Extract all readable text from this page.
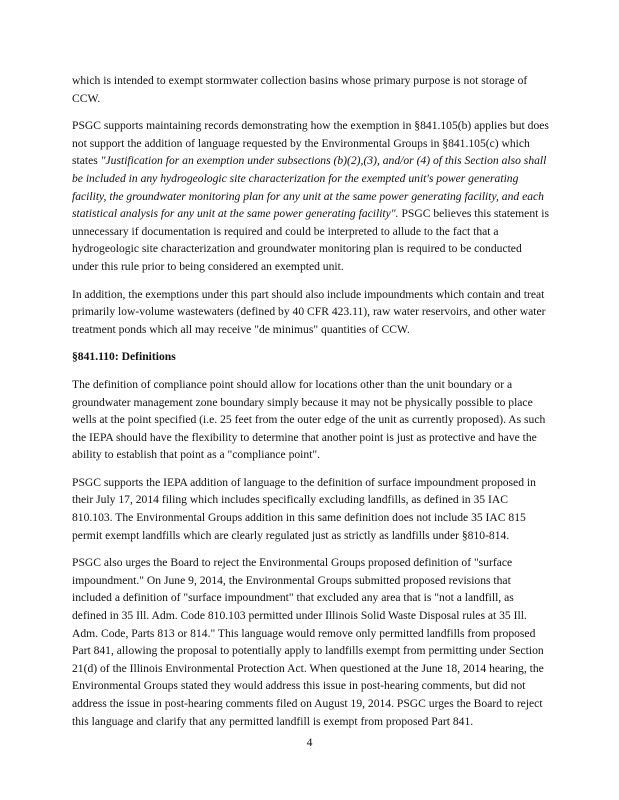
which is intended to exempt stormwater collection basins whose primary purpose is not storage of CCW.

PSGC supports maintaining records demonstrating how the exemption in §841.105(b) applies but does not support the addition of language requested by the Environmental Groups in §841.105(c) which states "Justification for an exemption under subsections (b)(2),(3), and/or (4) of this Section also shall be included in any hydrogeologic site characterization for the exempted unit's power generating facility, the groundwater monitoring plan for any unit at the same power generating facility, and each statistical analysis for any unit at the same power generating facility". PSGC believes this statement is unnecessary if documentation is required and could be interpreted to allude to the fact that a hydrogeologic site characterization and groundwater monitoring plan is required to be conducted under this rule prior to being considered an exempted unit.

In addition, the exemptions under this part should also include impoundments which contain and treat primarily low-volume wastewaters (defined by 40 CFR 423.11), raw water reservoirs, and other water treatment ponds which all may receive "de minimus" quantities of CCW.

§841.110: Definitions

The definition of compliance point should allow for locations other than the unit boundary or a groundwater management zone boundary simply because it may not be physically possible to place wells at the point specified (i.e. 25 feet from the outer edge of the unit as currently proposed). As such the IEPA should have the flexibility to determine that another point is just as protective and have the ability to establish that point as a "compliance point".

PSGC supports the IEPA addition of language to the definition of surface impoundment proposed in their July 17, 2014 filing which includes specifically excluding landfills, as defined in 35 IAC 810.103. The Environmental Groups addition in this same definition does not include 35 IAC 815 permit exempt landfills which are clearly regulated just as strictly as landfills under §810-814.

PSGC also urges the Board to reject the Environmental Groups proposed definition of "surface impoundment." On June 9, 2014, the Environmental Groups submitted proposed revisions that included a definition of "surface impoundment" that excluded any area that is "not a landfill, as defined in 35 Ill. Adm. Code 810.103 permitted under Illinois Solid Waste Disposal rules at 35 Ill. Adm. Code, Parts 813 or 814." This language would remove only permitted landfills from proposed Part 841, allowing the proposal to potentially apply to landfills exempt from permitting under Section 21(d) of the Illinois Environmental Protection Act. When questioned at the June 18, 2014 hearing, the Environmental Groups stated they would address this issue in post-hearing comments, but did not address the issue in post-hearing comments filed on August 19, 2014. PSGC urges the Board to reject this language and clarify that any permitted landfill is exempt from proposed Part 841.

4
